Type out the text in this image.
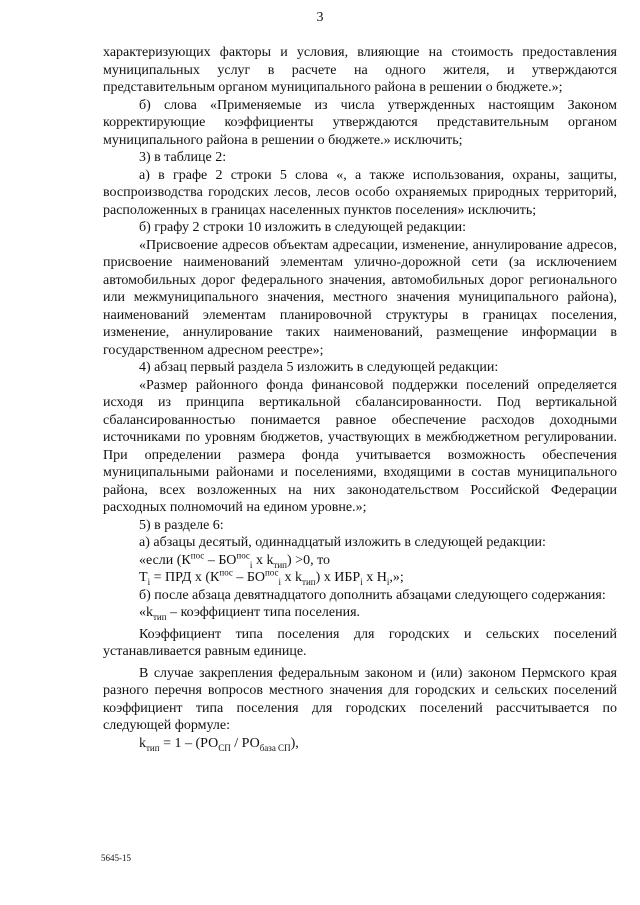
3

характеризующих факторы и условия, влияющие на стоимость предоставления муниципальных услуг в расчете на одного жителя, и утверждаются представительным органом муниципального района в решении о бюджете.»;

б) слова «Применяемые из числа утвержденных настоящим Законом корректирующие коэффициенты утверждаются представительным органом муниципального района в решении о бюджете.» исключить;

3) в таблице 2:

а) в графе 2 строки 5 слова «, а также использования, охраны, защиты, воспроизводства городских лесов, лесов особо охраняемых природных территорий, расположенных в границах населенных пунктов поселения» исключить;

б) графу 2 строки 10 изложить в следующей редакции:

«Присвоение адресов объектам адресации, изменение, аннулирование адресов, присвоение наименований элементам улично-дорожной сети (за исключением автомобильных дорог федерального значения, автомобильных дорог регионального или межмуниципального значения, местного значения муниципального района), наименований элементам планировочной структуры в границах поселения, изменение, аннулирование таких наименований, размещение информации в государственном адресном реестре»;

4) абзац первый раздела 5 изложить в следующей редакции:

«Размер районного фонда финансовой поддержки поселений определяется исходя из принципа вертикальной сбалансированности. Под вертикальной сбалансированностью понимается равное обеспечение расходов доходными источниками по уровням бюджетов, участвующих в межбюджетном регулировании. При определении размера фонда учитывается возможность обеспечения муниципальными районами и поселениями, входящими в состав муниципального района, всех возложенных на них законодательством Российской Федерации расходных полномочий на едином уровне.»;

5) в разделе 6:

а) абзацы десятый, одиннадцатый изложить в следующей редакции:

«если ($К^{пос} - БО^{пос}_i$ х $k_{тип}) >0$, то

$T_i$ = ПРД х ($К^{пос} - БО^{пос}_i$ х $k_{тип}$) х $ИБР_i$ х $Н_i$,»;

б) после абзаца девятнадцатого дополнить абзацами следующего содержания:

«$k_{тип}$ – коэффициент типа поселения.

Коэффициент типа поселения для городских и сельских поселений устанавливается равным единице.

В случае закрепления федеральным законом и (или) законом Пермского края разного перечня вопросов местного значения для городских и сельских поселений коэффициент типа поселения для городских поселений рассчитывается по следующей формуле:

$k_{тип} = 1 - (РО_{СП} / РО_{база СП})$,

5645-15
